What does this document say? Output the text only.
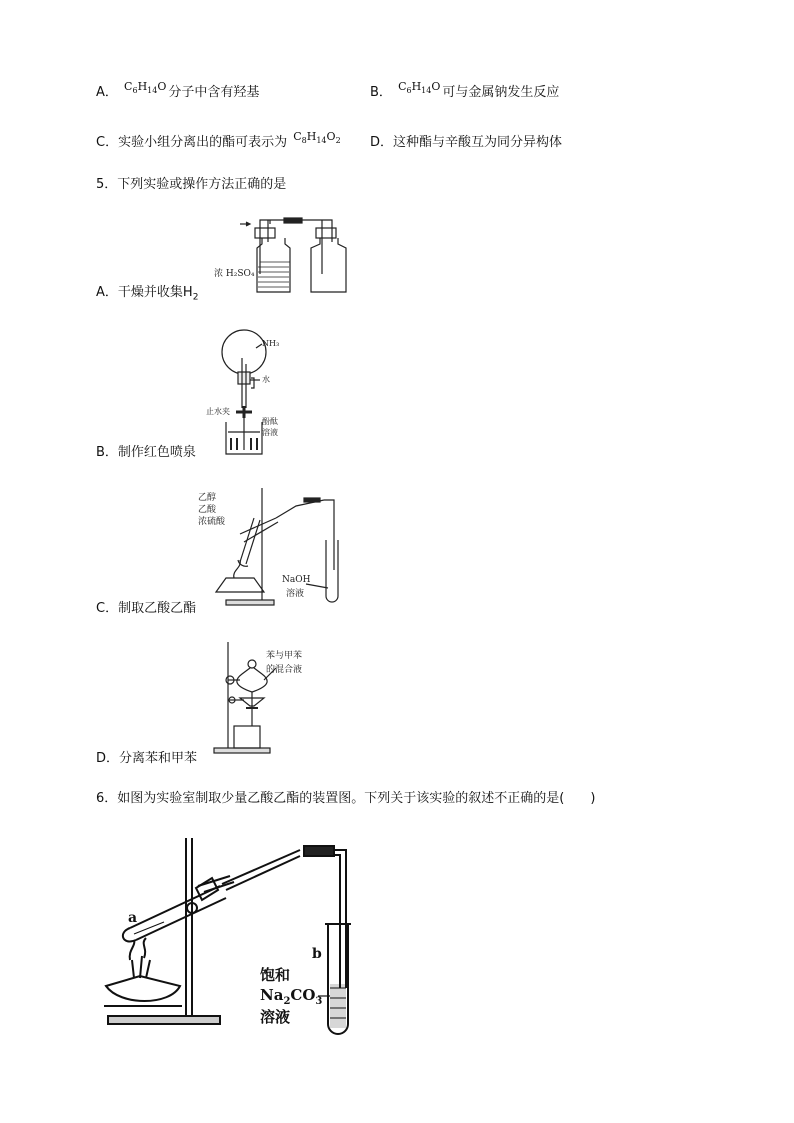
A． $^{C_6H_{14}O}$ 分子中含有羟基	B． $^{C_6H_{14}O}$ 可与金属钠发生反应
C．实验小组分离出的酯可表示为 $^{C_8H_{14}O_2}$ D．这种酯与辛酸互为同分异构体
5．下列实验或操作方法正确的是
浓 H₂SO₄
A．干燥并收集$H_2$
NH₃
水
止水夹
酚酞
溶液
B．制作红色喷泉
乙醇
乙酸
浓硫酸
NaOH
溶液
C．制取乙酸乙酯
苯与甲苯
的混合液
D．分离苯和甲苯
6．如图为实验室制取少量乙酸乙酯的装置图。下列关于该实验的叙述不正确的是(　　)
a
b
饱和
$Na_2CO_3$
溶液
